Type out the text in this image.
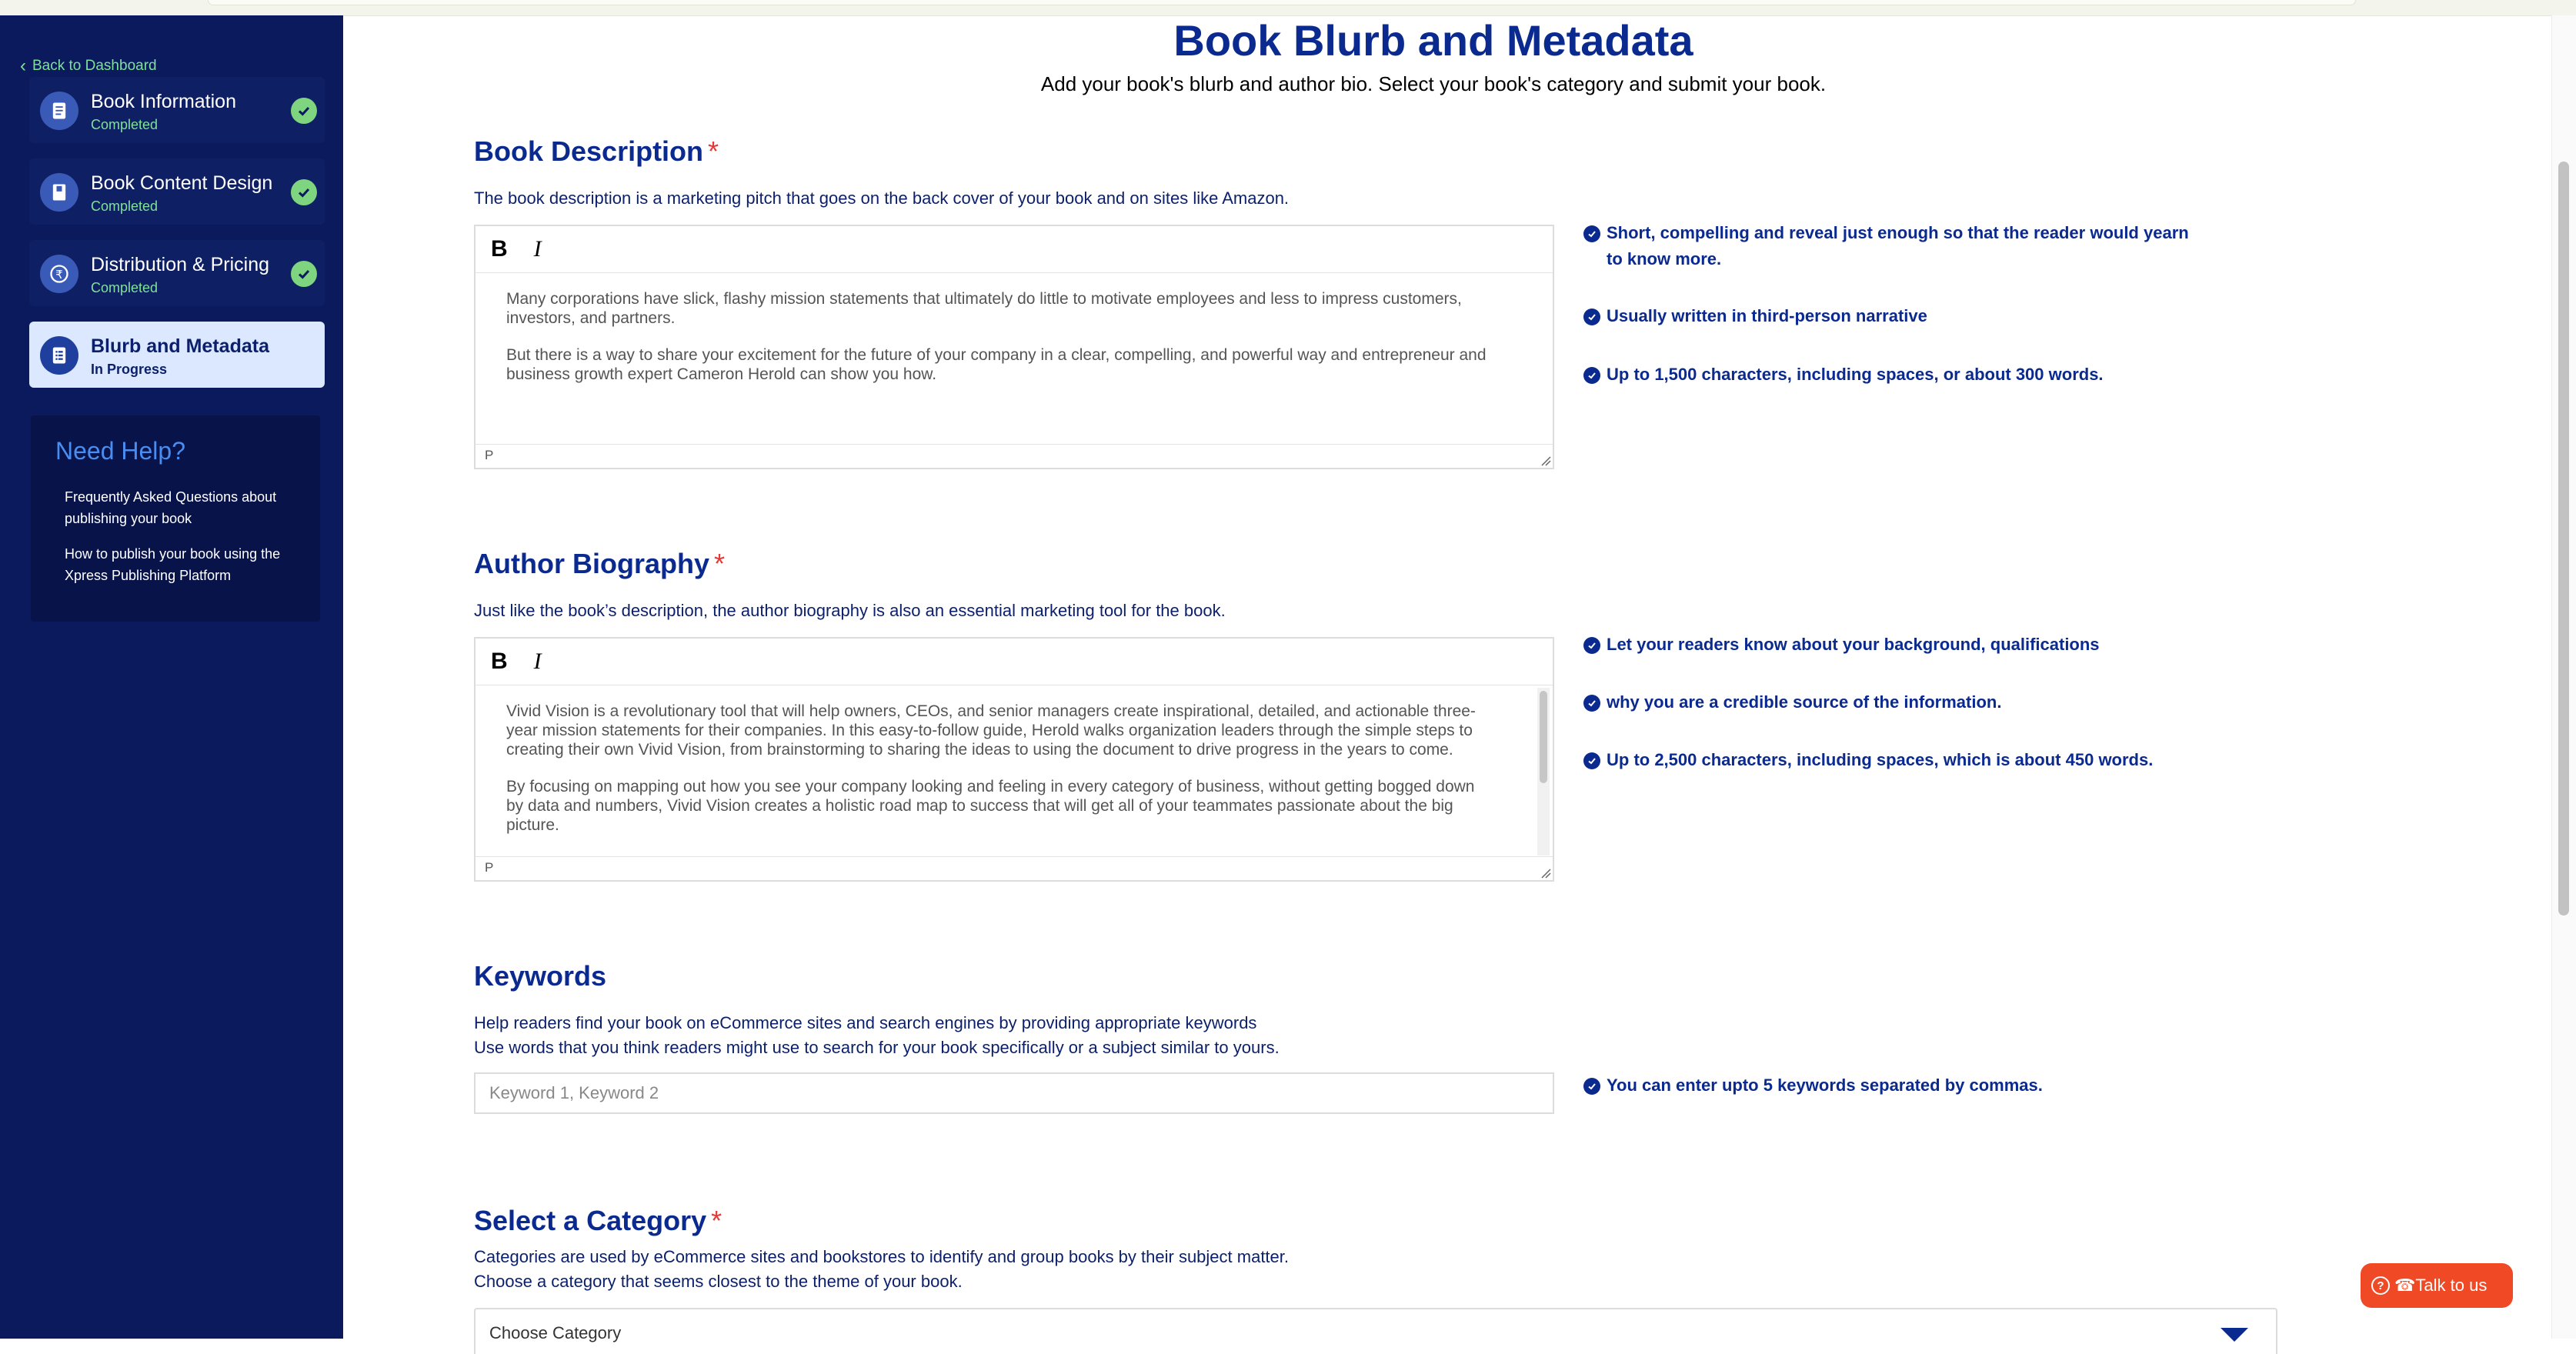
‹ Back to Dashboard
Book Information
Completed
Book Content Design
Completed
₹ Distribution & Pricing
Completed
Blurb and Metadata
In Progress
Need Help?
Frequently Asked Questions about publishing your book
How to publish your book using the Xpress Publishing Platform
Book Blurb and Metadata
Add your book's blurb and author bio. Select your book's category and submit your book.
Book Description *
The book description is a marketing pitch that goes on the back cover of your book and on sites like Amazon.
B I

Many corporations have slick, flashy mission statements that ultimately do little to motivate employees and less to impress customers, investors, and partners.

But there is a way to share your excitement for the future of your company in a clear, compelling, and powerful way and entrepreneur and business growth expert Cameron Herold can show you how.

P
Short, compelling and reveal just enough so that the reader would yearn to know more.
Usually written in third-person narrative
Up to 1,500 characters, including spaces, or about 300 words.
Author Biography *
Just like the book’s description, the author biography is also an essential marketing tool for the book.
B I

Vivid Vision is a revolutionary tool that will help owners, CEOs, and senior managers create inspirational, detailed, and actionable three-year mission statements for their companies. In this easy-to-follow guide, Herold walks organization leaders through the simple steps to creating their own Vivid Vision, from brainstorming to sharing the ideas to using the document to drive progress in the years to come.

By focusing on mapping out how you see your company looking and feeling in every category of business, without getting bogged down by data and numbers, Vivid Vision creates a holistic road map to success that will get all of your teammates passionate about the big picture.

P
Let your readers know about your background, qualifications
why you are a credible source of the information.
Up to 2,500 characters, including spaces, which is about 450 words.
Keywords
Help readers find your book on eCommerce sites and search engines by providing appropriate keywords
Use words that you think readers might use to search for your book specifically or a subject similar to yours.
Keyword 1, Keyword 2
You can enter upto 5 keywords separated by commas.
Select a Category *
Categories are used by eCommerce sites and bookstores to identify and group books by their subject matter.
Choose a category that seems closest to the theme of your book.
Choose Category
? ☎Talk to us
